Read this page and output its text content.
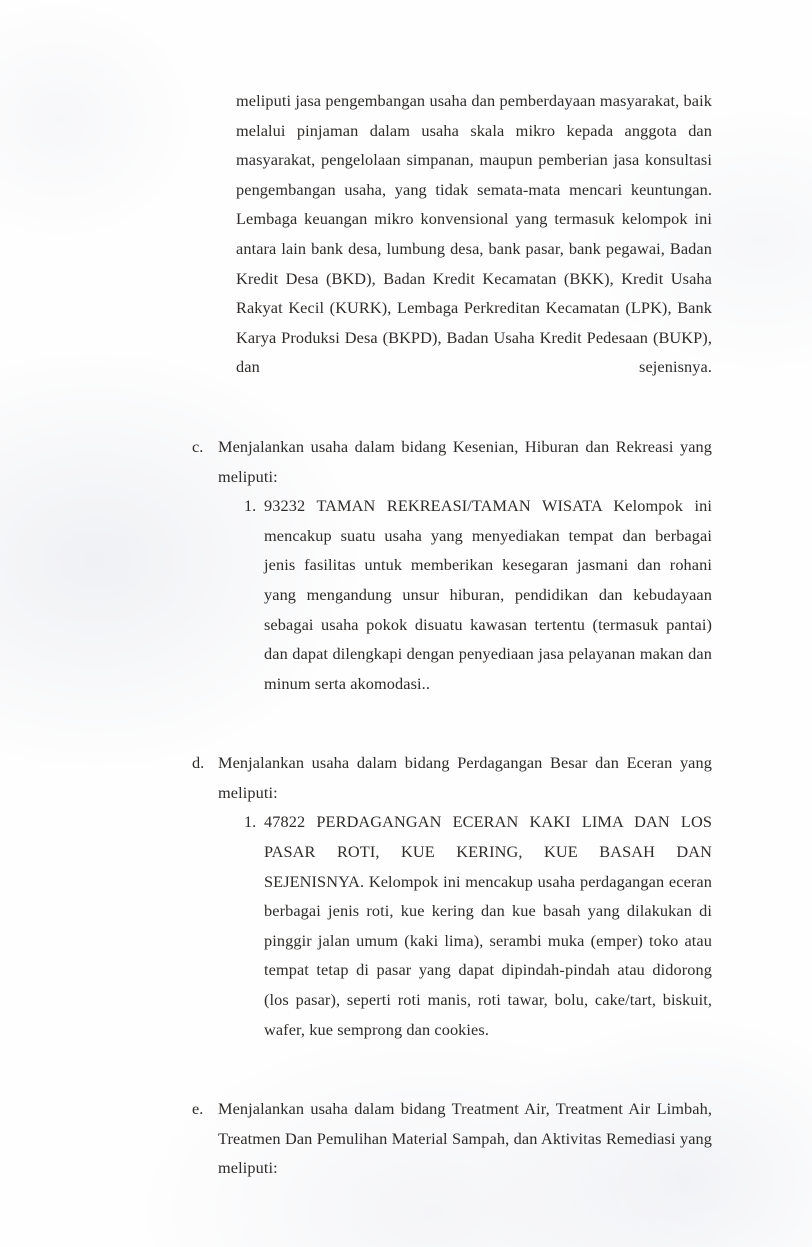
meliputi jasa pengembangan usaha dan pemberdayaan masyarakat, baik melalui pinjaman dalam usaha skala mikro kepada anggota dan masyarakat, pengelolaan simpanan, maupun pemberian jasa konsultasi pengembangan usaha, yang tidak semata-mata mencari keuntungan. Lembaga keuangan mikro konvensional yang termasuk kelompok ini antara lain bank desa, lumbung desa, bank pasar, bank pegawai, Badan Kredit Desa (BKD), Badan Kredit Kecamatan (BKK), Kredit Usaha Rakyat Kecil (KURK), Lembaga Perkreditan Kecamatan (LPK), Bank Karya Produksi Desa (BKPD), Badan Usaha Kredit Pedesaan (BUKP), dan sejenisnya.

c. Menjalankan usaha dalam bidang Kesenian, Hiburan dan Rekreasi yang meliputi:

1. 93232 TAMAN REKREASI/TAMAN WISATA Kelompok ini mencakup suatu usaha yang menyediakan tempat dan berbagai jenis fasilitas untuk memberikan kesegaran jasmani dan rohani yang mengandung unsur hiburan, pendidikan dan kebudayaan sebagai usaha pokok disuatu kawasan tertentu (termasuk pantai) dan dapat dilengkapi dengan penyediaan jasa pelayanan makan dan minum serta akomodasi..

d. Menjalankan usaha dalam bidang Perdagangan Besar dan Eceran yang meliputi:

1. 47822 PERDAGANGAN ECERAN KAKI LIMA DAN LOS PASAR ROTI, KUE KERING, KUE BASAH DAN SEJENISNYA. Kelompok ini mencakup usaha perdagangan eceran berbagai jenis roti, kue kering dan kue basah yang dilakukan di pinggir jalan umum (kaki lima), serambi muka (emper) toko atau tempat tetap di pasar yang dapat dipindah-pindah atau didorong (los pasar), seperti roti manis, roti tawar, bolu, cake/tart, biskuit, wafer, kue semprong dan cookies.

e. Menjalankan usaha dalam bidang Treatment Air, Treatment Air Limbah, Treatmen Dan Pemulihan Material Sampah, dan Aktivitas Remediasi yang meliputi:
